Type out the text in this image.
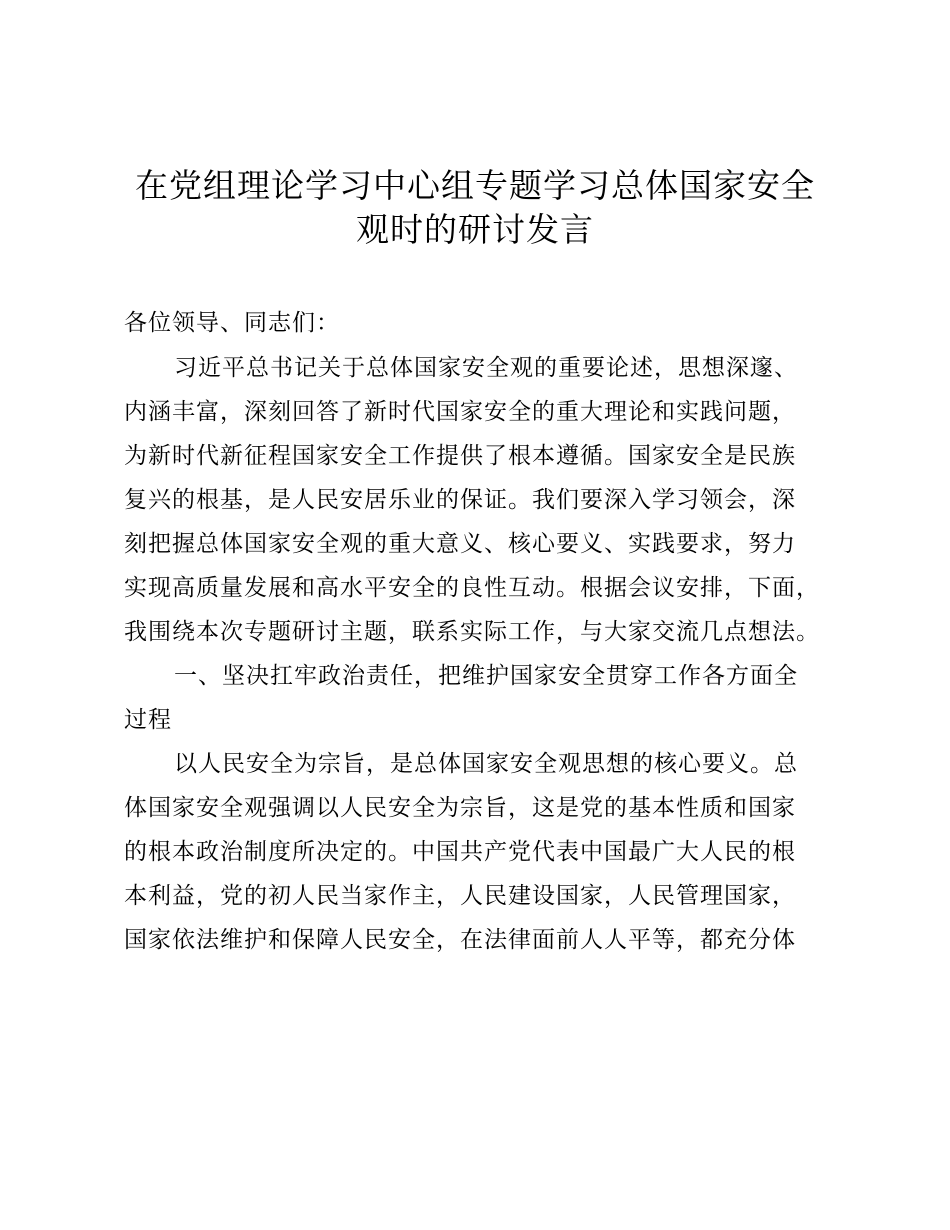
在党组理论学习中心组专题学习总体国家安全
观时的研讨发言
各位领导、同志们：
习近平总书记关于总体国家安全观的重要论述，思想深邃、
内涵丰富，深刻回答了新时代国家安全的重大理论和实践问题，
为新时代新征程国家安全工作提供了根本遵循。国家安全是民族
复兴的根基，是人民安居乐业的保证。我们要深入学习领会，深
刻把握总体国家安全观的重大意义、核心要义、实践要求，努力
实现高质量发展和高水平安全的良性互动。根据会议安排，下面，
我围绕本次专题研讨主题，联系实际工作，与大家交流几点想法。
一、坚决扛牢政治责任，把维护国家安全贯穿工作各方面全
过程
以人民安全为宗旨，是总体国家安全观思想的核心要义。总
体国家安全观强调以人民安全为宗旨，这是党的基本性质和国家
的根本政治制度所决定的。中国共产党代表中国最广大人民的根
本利益，党的初人民当家作主，人民建设国家，人民管理国家，
国家依法维护和保障人民安全，在法律面前人人平等，都充分体
